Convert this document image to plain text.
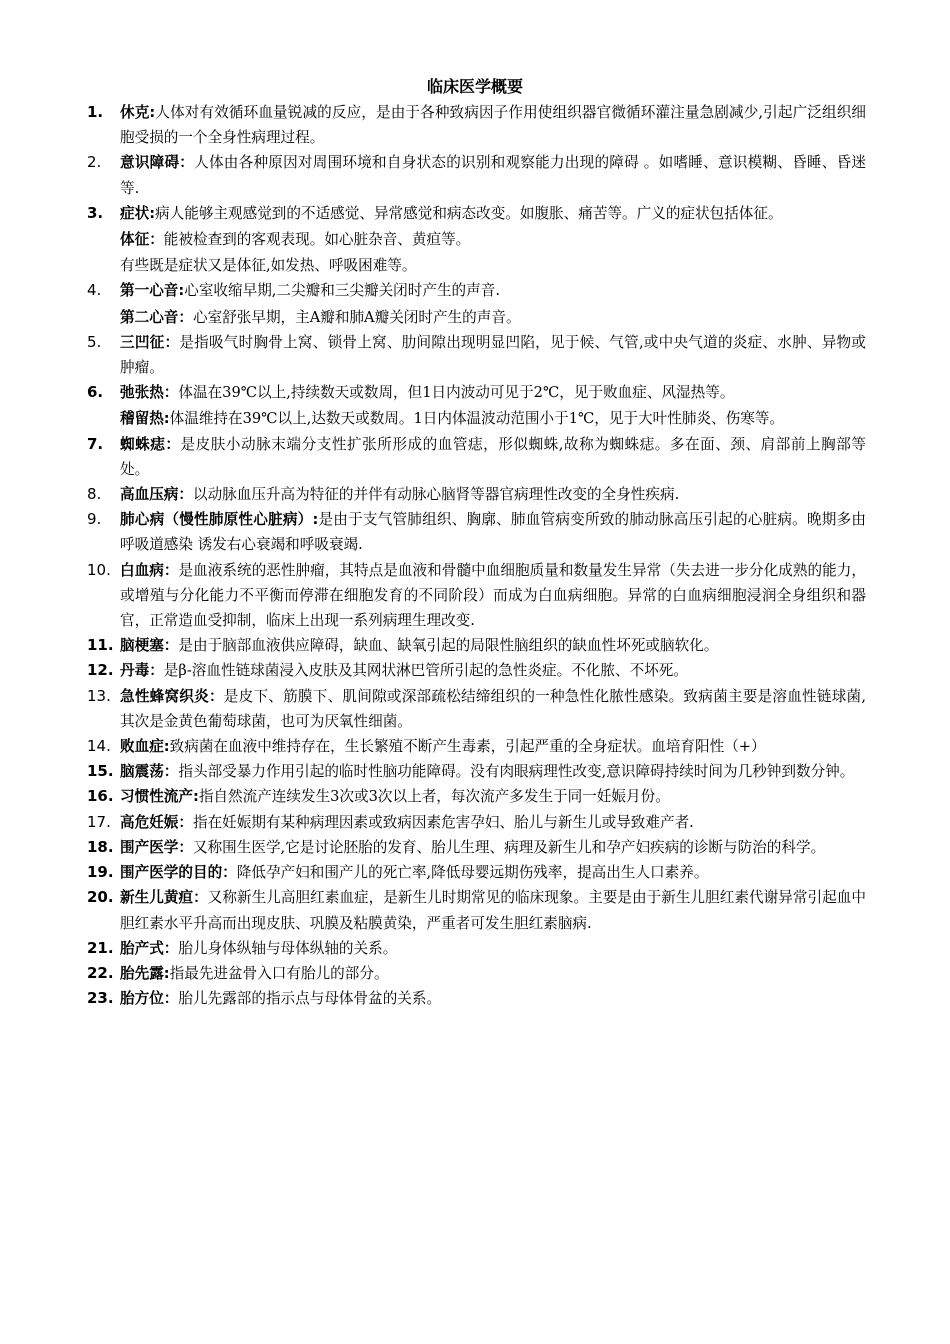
临床医学概要
1. 休克:人体对有效循环血量锐减的反应，是由于各种致病因子作用使组织器官微循环灌注量急剧减少,引起广泛组织细胞受损的一个全身性病理过程。

2. 意识障碍：人体由各种原因对周围环境和自身状态的识别和观察能力出现的障碍 。如嗜睡、意识模糊、昏睡、昏迷等.

3. 症状:病人能够主观感觉到的不适感觉、异常感觉和病态改变。如腹胀、痛苦等。广义的症状包括体征。

体征：能被检查到的客观表现。如心脏杂音、黄疸等。

有些既是症状又是体征,如发热、呼吸困难等。

4. 第一心音:心室收缩早期,二尖瓣和三尖瓣关闭时产生的声音.

第二心音：心室舒张早期，主A瓣和肺A瓣关闭时产生的声音。

5. 三凹征：是指吸气时胸骨上窝、锁骨上窝、肋间隙出现明显凹陷，见于候、气管,或中央气道的炎症、水肿、异物或肿瘤。

6. 弛张热：体温在39℃以上,持续数天或数周，但1日内波动可见于2℃，见于败血症、风湿热等。

稽留热:体温维持在39℃以上,达数天或数周。1日内体温波动范围小于1℃，见于大叶性肺炎、伤寒等。

7. 蜘蛛痣：是皮肤小动脉末端分支性扩张所形成的血管痣，形似蜘蛛,故称为蜘蛛痣。多在面、颈、肩部前上胸部等处。

8. 高血压病：以动脉血压升高为特征的并伴有动脉心脑肾等器官病理性改变的全身性疾病.

9. 肺心病（慢性肺原性心脏病）:是由于支气管肺组织、胸廓、肺血管病变所致的肺动脉高压引起的心脏病。晚期多由呼吸道感染 诱发右心衰竭和呼吸衰竭.

10. 白血病：是血液系统的恶性肿瘤，其特点是血液和骨髓中血细胞质量和数量发生异常（失去进一步分化成熟的能力，或增殖与分化能力不平衡而停滞在细胞发育的不同阶段）而成为白血病细胞。异常的白血病细胞浸润全身组织和器官，正常造血受抑制，临床上出现一系列病理生理改变.

11. 脑梗塞：是由于脑部血液供应障碍，缺血、缺氧引起的局限性脑组织的缺血性坏死或脑软化。

12. 丹毒：是β-溶血性链球菌浸入皮肤及其网状淋巴管所引起的急性炎症。不化脓、不坏死。

13. 急性蜂窝织炎：是皮下、筋膜下、肌间隙或深部疏松结缔组织的一种急性化脓性感染。致病菌主要是溶血性链球菌,其次是金黄色葡萄球菌，也可为厌氧性细菌。

14. 败血症:致病菌在血液中维持存在，生长繁殖不断产生毒素，引起严重的全身症状。血培育阳性（+）

15. 脑震荡：指头部受暴力作用引起的临时性脑功能障碍。没有肉眼病理性改变,意识障碍持续时间为几秒钟到数分钟。

16. 习惯性流产:指自然流产连续发生3次或3次以上者，每次流产多发生于同一妊娠月份。

17. 高危妊娠：指在妊娠期有某种病理因素或致病因素危害孕妇、胎儿与新生儿或导致难产者.

18. 围产医学：又称围生医学,它是讨论胚胎的发育、胎儿生理、病理及新生儿和孕产妇疾病的诊断与防治的科学。

19. 围产医学的目的：降低孕产妇和围产儿的死亡率,降低母婴远期伤残率，提高出生人口素养。

20. 新生儿黄疸：又称新生儿高胆红素血症，是新生儿时期常见的临床现象。主要是由于新生儿胆红素代谢异常引起血中胆红素水平升高而出现皮肤、巩膜及粘膜黄染，严重者可发生胆红素脑病.

21. 胎产式：胎儿身体纵轴与母体纵轴的关系。

22. 胎先露:指最先进盆骨入口有胎儿的部分。

23. 胎方位：胎儿先露部的指示点与母体骨盆的关系。
